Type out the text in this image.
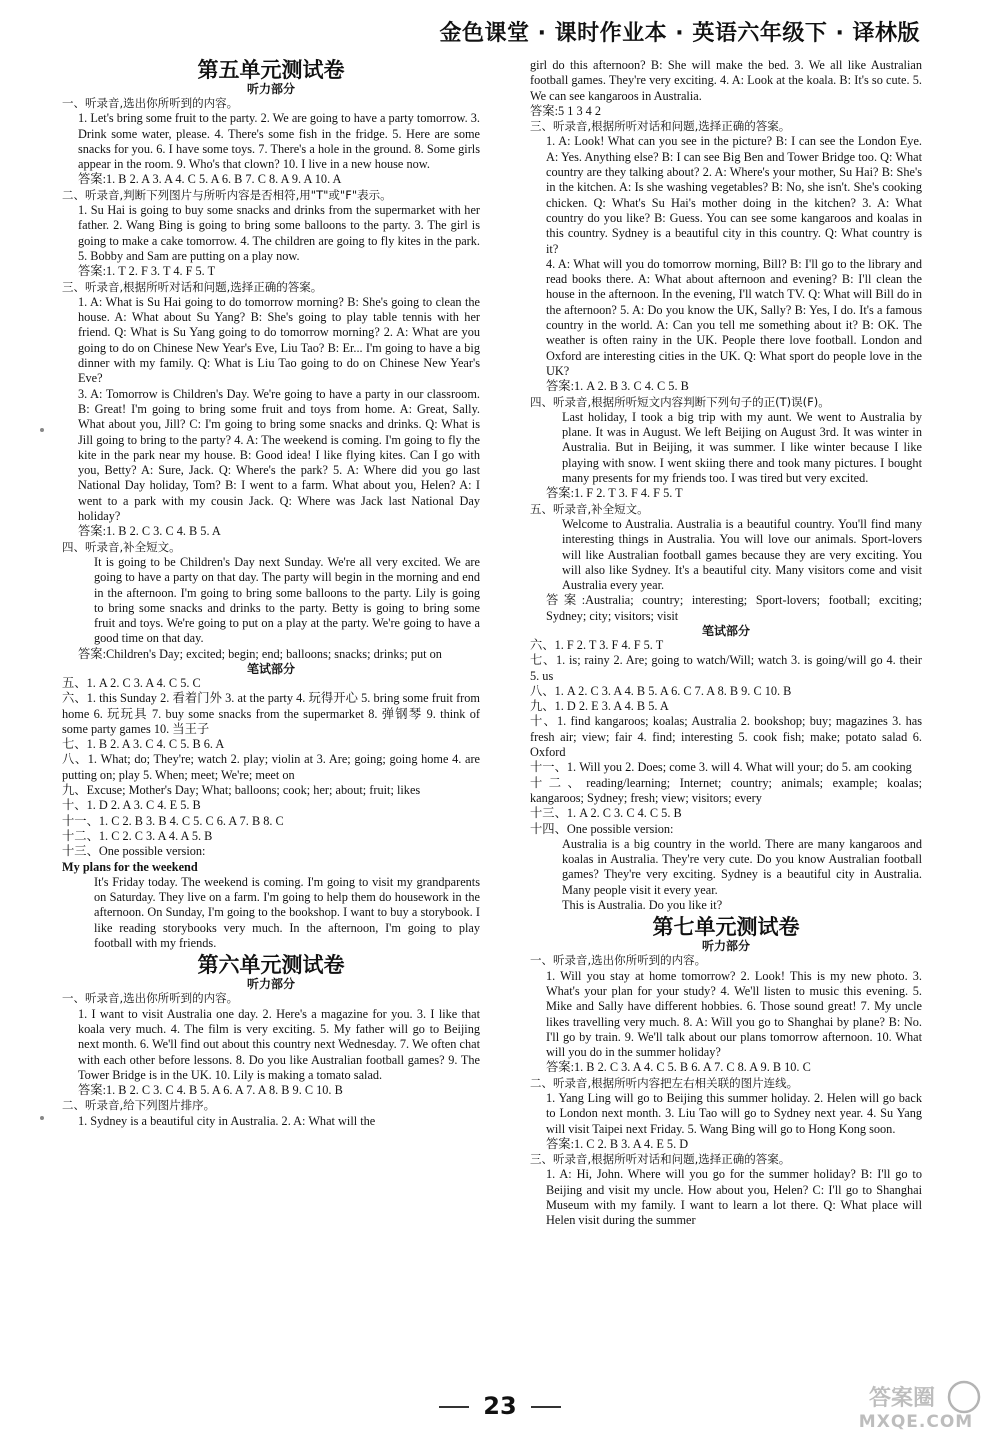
金色课堂 · 课时作业本 · 英语六年级下 · 译林版
第五单元测试卷
听力部分

一、听录音,选出你所听到的内容。

1. Let's bring some fruit to the party. 2. We are going to have a party tomorrow. 3. Drink some water, please. 4. There's some fish in the fridge. 5. Here are some snacks for you. 6. I have some toys. 7. There's a hole in the ground. 8. Some girls appear in the room. 9. Who's that clown? 10. I live in a new house now.

答案:1. B 2. A 3. A 4. C 5. A 6. B 7. C 8. A 9. A 10. A

二、听录音,判断下列图片与所听内容是否相符,用"T"或"F"表示。

1. Su Hai is going to buy some snacks and drinks from the supermarket with her father. 2. Wang Bing is going to bring some balloons to the party. 3. The girl is going to make a cake tomorrow. 4. The children are going to fly kites in the park. 5. Bobby and Sam are putting on a play now.

答案:1. T 2. F 3. T 4. F 5. T

三、听录音,根据所听对话和问题,选择正确的答案。

1. A: What is Su Hai going to do tomorrow morning? B: She's going to clean the house. A: What about Su Yang? B: She's going to play table tennis with her friend. Q: What is Su Yang going to do tomorrow morning? 2. A: What are you going to do on Chinese New Year's Eve, Liu Tao? B: Er... I'm going to have a big dinner with my family. Q: What is Liu Tao going to do on Chinese New Year's Eve?

3. A: Tomorrow is Children's Day. We're going to have a party in our classroom. B: Great! I'm going to bring some fruit and toys from home. A: Great, Sally. What about you, Jill? C: I'm going to bring some snacks and drinks. Q: What is Jill going to bring to the party? 4. A: The weekend is coming. I'm going to fly the kite in the park near my house. B: Good idea! I like flying kites. Can I go with you, Betty? A: Sure, Jack. Q: Where's the park? 5. A: Where did you go last National Day holiday, Tom? B: I went to a farm. What about you, Helen? A: I went to a park with my cousin Jack. Q: Where was Jack last National Day holiday?

答案:1. B 2. C 3. C 4. B 5. A

四、听录音,补全短文。

It is going to be Children's Day next Sunday. We're all very excited. We are going to have a party on that day. The party will begin in the morning and end in the afternoon. I'm going to bring some balloons to the party. Lily is going to bring some snacks and drinks to the party. Betty is going to bring some fruit and toys. We're going to put on a play at the party. We're going to have a good time on that day.

答案:Children's Day; excited; begin; end; balloons; snacks; drinks; put on

笔试部分

五、1. A 2. C 3. A 4. C 5. C

六、1. this Sunday 2. 看着门外 3. at the party 4. 玩得开心 5. bring some fruit from home 6. 玩玩具 7. buy some snacks from the supermarket 8. 弹钢琴 9. think of some party games 10. 当王子

七、1. B 2. A 3. C 4. C 5. B 6. A

八、1. What; do; They're; watch 2. play; violin at 3. Are; going; going home 4. are putting on; play 5. When; meet; We're; meet on

九、Excuse; Mother's Day; What; balloons; cook; her; about; fruit; likes

十、1. D 2. A 3. C 4. E 5. B

十一、1. C 2. B 3. B 4. C 5. C 6. A 7. B 8. C

十二、1. C 2. C 3. A 4. A 5. B

十三、One possible version:

My plans for the weekend

It's Friday today. The weekend is coming. I'm going to visit my grandparents on Saturday. They live on a farm. I'm going to help them do housework in the afternoon. On Sunday, I'm going to the bookshop. I want to buy a storybook. I like reading storybooks very much. In the afternoon, I'm going to play football with my friends.

第六单元测试卷
听力部分

一、听录音,选出你所听到的内容。

1. I want to visit Australia one day. 2. Here's a magazine for you. 3. I like that koala very much. 4. The film is very exciting. 5. My father will go to Beijing next month. 6. We'll find out about this country next Wednesday. 7. We often chat with each other before lessons. 8. Do you like Australian football games? 9. The Tower Bridge is in the UK. 10. Lily is making a tomato salad.

答案:1. B 2. C 3. C 4. B 5. A 6. A 7. A 8. B 9. C 10. B

二、听录音,给下列图片排序。

1. Sydney is a beautiful city in Australia. 2. A: What will the

girl do this afternoon? B: She will make the bed. 3. We all like Australian football games. They're very exciting. 4. A: Look at the koala. B: It's so cute. 5. We can see kangaroos in Australia.

答案:5 1 3 4 2

三、听录音,根据所听对话和问题,选择正确的答案。

1. A: Look! What can you see in the picture? B: I can see the London Eye. A: Yes. Anything else? B: I can see Big Ben and Tower Bridge too. Q: What country are they talking about? 2. A: Where's your mother, Su Hai? B: She's in the kitchen. A: Is she washing vegetables? B: No, she isn't. She's cooking chicken. Q: What's Su Hai's mother doing in the kitchen? 3. A: What country do you like? B: Guess. You can see some kangaroos and koalas in this country. Sydney is a beautiful city in this country. Q: What country is it?

4. A: What will you do tomorrow morning, Bill? B: I'll go to the library and read books there. A: What about afternoon and evening? B: I'll clean the house in the afternoon. In the evening, I'll watch TV. Q: What will Bill do in the afternoon? 5. A: Do you know the UK, Sally? B: Yes, I do. It's a famous country in the world. A: Can you tell me something about it? B: OK. The weather is often rainy in the UK. People there love football. London and Oxford are interesting cities in the UK. Q: What sport do people love in the UK?

答案:1. A 2. B 3. C 4. C 5. B

四、听录音,根据所听短文内容判断下列句子的正(T)误(F)。

Last holiday, I took a big trip with my aunt. We went to Australia by plane. It was in August. We left Beijing on August 3rd. It was winter in Australia. But in Beijing, it was summer. I like winter because I like playing with snow. I went skiing there and took many pictures. I bought many presents for my friends too. I was tired but very excited.

答案:1. F 2. T 3. F 4. F 5. T

五、听录音,补全短文。

Welcome to Australia. Australia is a beautiful country. You'll find many interesting things in Australia. You will love our animals. Sport-lovers will like Australian football games because they are very exciting. You will also like Sydney. It's a beautiful city. Many visitors come and visit Australia every year.

答案:Australia; country; interesting; Sport-lovers; football; exciting; Sydney; city; visitors; visit

笔试部分

六、1. F 2. T 3. F 4. F 5. T

七、1. is; rainy 2. Are; going to watch/Will; watch 3. is going/will go 4. their 5. us

八、1. A 2. C 3. A 4. B 5. A 6. C 7. A 8. B 9. C 10. B

九、1. D 2. E 3. A 4. B 5. A

十、1. find kangaroos; koalas; Australia 2. bookshop; buy; magazines 3. has fresh air; view; fair 4. find; interesting 5. cook fish; make; potato salad 6. Oxford

十一、1. Will you 2. Does; come 3. will 4. What will your; do 5. am cooking

十二、reading/learning; Internet; country; animals; example; koalas; kangaroos; Sydney; fresh; view; visitors; every

十三、1. A 2. C 3. C 4. C 5. B

十四、One possible version:

Australia is a big country in the world. There are many kangaroos and koalas in Australia. They're very cute. Do you know Australian football games? They're very exciting. Sydney is a beautiful city in Australia. Many people visit it every year.

This is Australia. Do you like it?

第七单元测试卷
听力部分

一、听录音,选出你所听到的内容。

1. Will you stay at home tomorrow? 2. Look! This is my new photo. 3. What's your plan for your study? 4. We'll listen to music this evening. 5. Mike and Sally have different hobbies. 6. Those sound great! 7. My uncle likes travelling very much. 8. A: Will you go to Shanghai by plane? B: No. I'll go by train. 9. We'll talk about our plans tomorrow afternoon. 10. What will you do in the summer holiday?

答案:1. B 2. C 3. A 4. C 5. B 6. A 7. C 8. A 9. B 10. C

二、听录音,根据所听内容把左右相关联的图片连线。

1. Yang Ling will go to Beijing this summer holiday. 2. Helen will go back to London next month. 3. Liu Tao will go to Sydney next year. 4. Su Yang will visit Taipei next Friday. 5. Wang Bing will go to Hong Kong soon.

答案:1. C 2. B 3. A 4. E 5. D

三、听录音,根据所听对话和问题,选择正确的答案。

1. A: Hi, John. Where will you go for the summer holiday? B: I'll go to Beijing and visit my uncle. How about you, Helen? C: I'll go to Shanghai Museum with my family. I want to learn a lot there. Q: What place will Helen visit during the summer

23	答案圈
MXQE.COM
